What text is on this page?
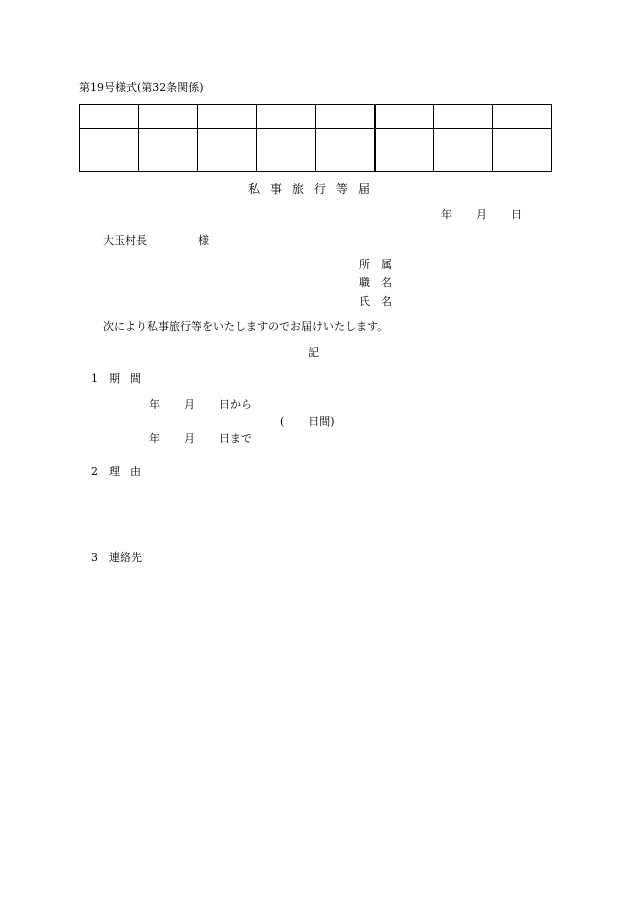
第19号様式(第32条関係)

私 事 旅 行 等 届
年 月 日
大玉村長	様
所 属
職 名
氏 名
次により私事旅行等をいたしますのでお届けいたします。
記
1 期 間
年 月 日から
( 日間)
年 月 日まで
2 理 由
3 連絡先
